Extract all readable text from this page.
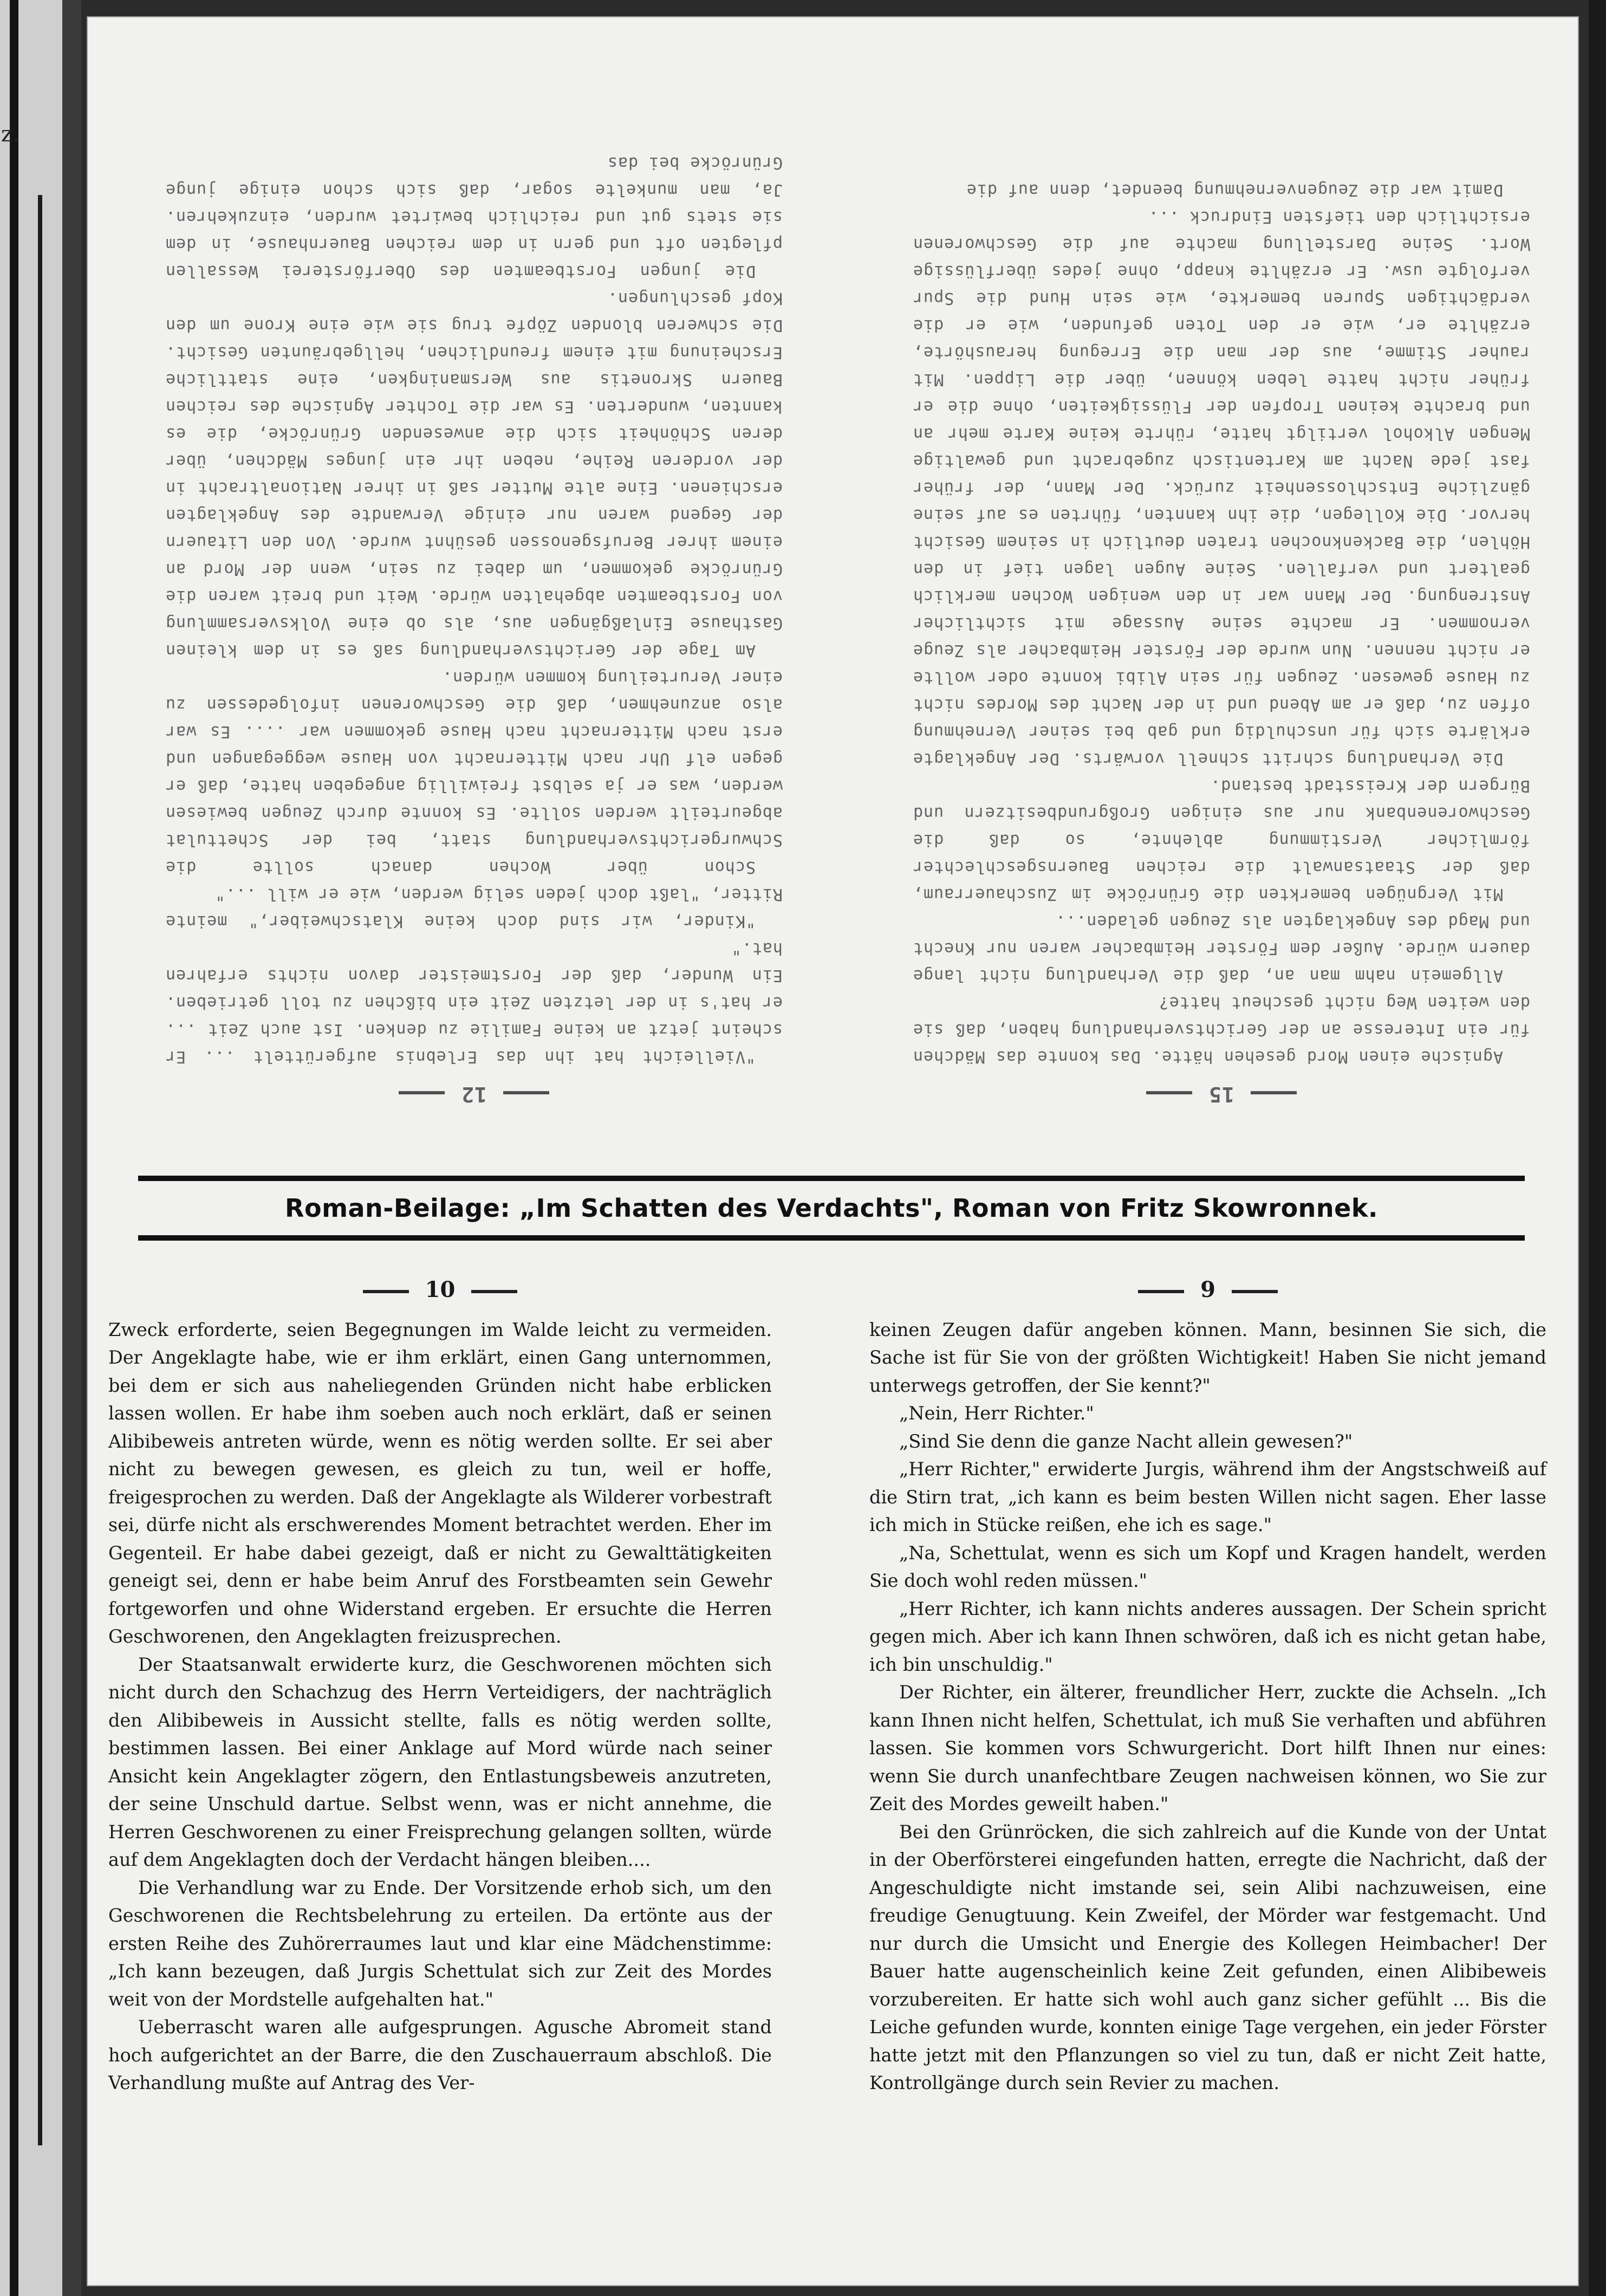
z.
15

Agnische einen Mord gesehen hätte. Das konnte das Mädchen für ein Interesse an der Gerichtsverhandlung haben, daß sie den weiten Weg nicht gescheut hatte?

Allgemein nahm man an, daß die Verhandlung nicht lange dauern würde. Außer dem Förster Heimbacher waren nur Knecht und Magd des Angeklagten als Zeugen geladen...

Mit Vergnügen bemerkten die Grünröcke im Zuschauerraum, daß der Staatsanwalt die reichen Bauernsgeschlechter förmlicher Verstimmung ablehnte, so daß die Geschworenenbank nur aus einigen Großgrundbesitzern und Bürgern der Kreisstadt bestand.

Die Verhandlung schritt schnell vorwärts. Der Angeklagte erklärte sich für unschuldig und gab bei seiner Vernehmung offen zu, daß er am Abend und in der Nacht des Mordes nicht zu Hause gewesen. Zeugen für sein Alibi konnte oder wollte er nicht nennen. Nun wurde der Förster Heimbacher als Zeuge vernommen. Er machte seine Aussage mit sichtlicher Anstrengung. Der Mann war in den wenigen Wochen merklich gealtert und verfallen. Seine Augen lagen tief in den Höhlen, die Backenknochen traten deutlich in seinem Gesicht hervor. Die Kollegen, die ihn kannten, führten es auf seine gänzliche Entschlossenheit zurück. Der Mann, der früher fast jede Nacht am Kartentisch zugebracht und gewaltige Mengen Alkohol vertilgt hatte, rührte keine Karte mehr an und brachte keinen Tropfen der Flüssigkeiten, ohne die er früher nicht hatte leben können, über die Lippen. Mit rauher Stimme, aus der man die Erregung heraushörte, erzählte er, wie er den Toten gefunden, wie er die verdächtigen Spuren bemerkte, wie sein Hund die Spur verfolgte usw. Er erzählte knapp, ohne jedes überflüssige Wort. Seine Darstellung machte auf die Geschworenen ersichtlich den tiefsten Eindruck ...

Damit war die Zeugenvernehmung beendet, denn auf die

12

"Vielleicht hat ihn das Erlebnis aufgerüttelt ... Er scheint jetzt an keine Familie zu denken. Ist auch Zeit ... er hat's in der letzten Zeit ein bißchen zu toll getrieben. Ein Wunder, daß der Forstmeister davon nichts erfahren hat."

"Kinder, wir sind doch keine Klatschweiber," meinte Ritter, "laßt doch jeden selig werden, wie er will ..."

Schon über Wochen danach sollte die Schwurgerichtsverhandlung statt, bei der Schettulat abgeurteilt werden sollte. Es konnte durch Zeugen bewiesen werden, was er ja selbst freiwillig angegeben hatte, daß er gegen elf Uhr nach Mitternacht von Hause weggegangen und erst nach Mitternacht nach Hause gekommen war .... Es war also anzunehmen, daß die Geschworenen infolgedessen zu einer Verurteilung kommen würden.

Am Tage der Gerichtsverhandlung saß es in dem kleinen Gasthause Einlaßgängen aus, als ob eine Volksversammlung von Forstbeamten abgehalten würde. Weit und breit waren die Grünröcke gekommen, um dabei zu sein, wenn der Mord an einem ihrer Berufsgenossen gesühnt wurde. Von den Litauern der Gegend waren nur einige Verwandte des Angeklagten erschienen. Eine alte Mutter saß in ihrer Nationaltracht in der vorderen Reihe, neben ihr ein junges Mädchen, über deren Schönheit sich die anwesenden Grünröcke, die es kannten, wunderten. Es war die Tochter Agnische des reichen Bauern Skronetis aus Wersmaningken, eine stattliche Erscheinung mit einem freundlichen, hellgebräunten Gesicht. Die schweren blonden Zöpfe trug sie wie eine Krone um den Kopf geschlungen.

Die jungen Forstbeamten des Oberförsterei Wessallen pflegten oft und gern in dem reichen Bauernhause, in dem sie stets gut und reichlich bewirtet wurden, einzukehren. Ja, man munkelte sogar, daß sich schon einige junge Grünröcke bei das

Roman-Beilage: „Im Schatten des Verdachts", Roman von Fritz Skowronnek.
10

Zweck erforderte, seien Begegnungen im Walde leicht zu vermeiden. Der Angeklagte habe, wie er ihm erklärt, einen Gang unternommen, bei dem er sich aus naheliegenden Gründen nicht habe erblicken lassen wollen. Er habe ihm soeben auch noch erklärt, daß er seinen Alibibeweis antreten würde, wenn es nötig werden sollte. Er sei aber nicht zu bewegen gewesen, es gleich zu tun, weil er hoffe, freigesprochen zu werden. Daß der Angeklagte als Wilderer vorbestraft sei, dürfe nicht als erschwerendes Moment betrachtet werden. Eher im Gegenteil. Er habe dabei gezeigt, daß er nicht zu Gewalttätigkeiten geneigt sei, denn er habe beim Anruf des Forstbeamten sein Gewehr fortgeworfen und ohne Widerstand ergeben. Er ersuchte die Herren Geschworenen, den Angeklagten freizusprechen.

Der Staatsanwalt erwiderte kurz, die Geschworenen möchten sich nicht durch den Schachzug des Herrn Verteidigers, der nachträglich den Alibibeweis in Aussicht stellte, falls es nötig werden sollte, bestimmen lassen. Bei einer Anklage auf Mord würde nach seiner Ansicht kein Angeklagter zögern, den Entlastungsbeweis anzutreten, der seine Unschuld dartue. Selbst wenn, was er nicht annehme, die Herren Geschworenen zu einer Freisprechung gelangen sollten, würde auf dem Angeklagten doch der Verdacht hängen bleiben....

Die Verhandlung war zu Ende. Der Vorsitzende erhob sich, um den Geschworenen die Rechtsbelehrung zu erteilen. Da ertönte aus der ersten Reihe des Zuhörerraumes laut und klar eine Mädchenstimme: „Ich kann bezeugen, daß Jurgis Schettulat sich zur Zeit des Mordes weit von der Mordstelle aufgehalten hat."

Ueberrascht waren alle aufgesprungen. Agusche Abromeit stand hoch aufgerichtet an der Barre, die den Zuschauerraum abschloß. Die Verhandlung mußte auf Antrag des Ver-

9

keinen Zeugen dafür angeben können. Mann, besinnen Sie sich, die Sache ist für Sie von der größten Wichtigkeit! Haben Sie nicht jemand unterwegs getroffen, der Sie kennt?"

„Nein, Herr Richter."

„Sind Sie denn die ganze Nacht allein gewesen?"

„Herr Richter," erwiderte Jurgis, während ihm der Angstschweiß auf die Stirn trat, „ich kann es beim besten Willen nicht sagen. Eher lasse ich mich in Stücke reißen, ehe ich es sage."

„Na, Schettulat, wenn es sich um Kopf und Kragen handelt, werden Sie doch wohl reden müssen."

„Herr Richter, ich kann nichts anderes aussagen. Der Schein spricht gegen mich. Aber ich kann Ihnen schwören, daß ich es nicht getan habe, ich bin unschuldig."

Der Richter, ein älterer, freundlicher Herr, zuckte die Achseln. „Ich kann Ihnen nicht helfen, Schettulat, ich muß Sie verhaften und abführen lassen. Sie kommen vors Schwurgericht. Dort hilft Ihnen nur eines: wenn Sie durch unanfechtbare Zeugen nachweisen können, wo Sie zur Zeit des Mordes geweilt haben."

Bei den Grünröcken, die sich zahlreich auf die Kunde von der Untat in der Oberförsterei eingefunden hatten, erregte die Nachricht, daß der Angeschuldigte nicht imstande sei, sein Alibi nachzuweisen, eine freudige Genugtuung. Kein Zweifel, der Mörder war festgemacht. Und nur durch die Umsicht und Energie des Kollegen Heimbacher! Der Bauer hatte augenscheinlich keine Zeit gefunden, einen Alibibeweis vorzubereiten. Er hatte sich wohl auch ganz sicher gefühlt ... Bis die Leiche gefunden wurde, konnten einige Tage vergehen, ein jeder Förster hatte jetzt mit den Pflanzungen so viel zu tun, daß er nicht Zeit hatte, Kontrollgänge durch sein Revier zu machen.
